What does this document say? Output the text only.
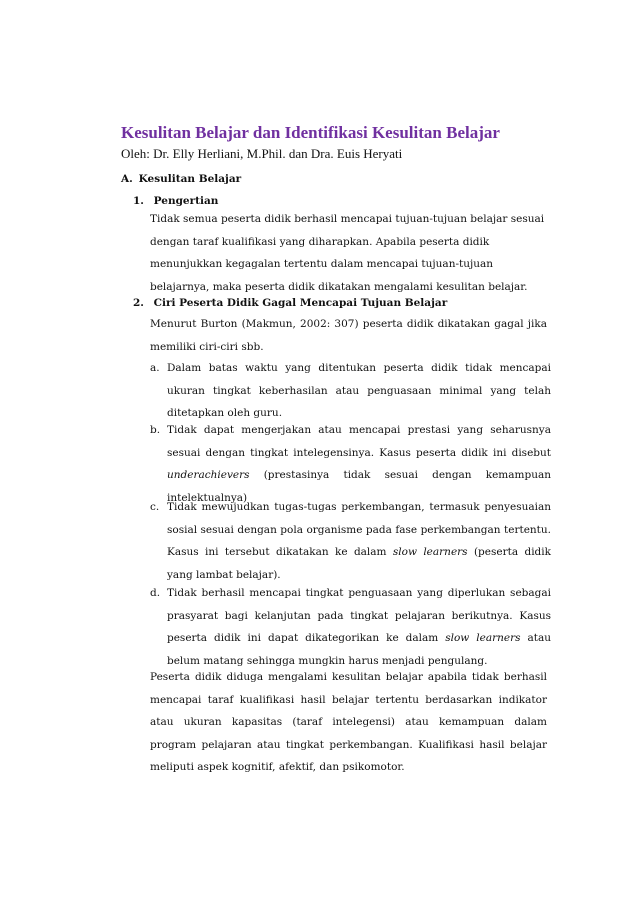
Kesulitan Belajar dan Identifikasi Kesulitan Belajar
Oleh: Dr. Elly Herliani, M.Phil. dan Dra. Euis Heryati
A. Kesulitan Belajar
1. Pengertian
Tidak semua peserta didik berhasil mencapai tujuan-tujuan belajar sesuai dengan taraf kualifikasi yang diharapkan. Apabila peserta didik menunjukkan kegagalan tertentu dalam mencapai tujuan-tujuan belajarnya, maka peserta didik dikatakan mengalami kesulitan belajar.
2. Ciri Peserta Didik Gagal Mencapai Tujuan Belajar
Menurut Burton (Makmun, 2002: 307) peserta didik dikatakan gagal jika memiliki ciri-ciri sbb.
a. Dalam batas waktu yang ditentukan peserta didik tidak mencapai ukuran tingkat keberhasilan atau penguasaan minimal yang telah ditetapkan oleh guru.
b. Tidak dapat mengerjakan atau mencapai prestasi yang seharusnya sesuai dengan tingkat intelegensinya. Kasus peserta didik ini disebut underachievers (prestasinya tidak sesuai dengan kemampuan intelektualnya)
c. Tidak mewujudkan tugas-tugas perkembangan, termasuk penyesuaian sosial sesuai dengan pola organisme pada fase perkembangan tertentu. Kasus ini tersebut dikatakan ke dalam slow learners (peserta didik yang lambat belajar).
d. Tidak berhasil mencapai tingkat penguasaan yang diperlukan sebagai prasyarat bagi kelanjutan pada tingkat pelajaran berikutnya. Kasus peserta didik ini dapat dikategorikan ke dalam slow learners atau belum matang sehingga mungkin harus menjadi pengulang.
Peserta didik diduga mengalami kesulitan belajar apabila tidak berhasil mencapai taraf kualifikasi hasil belajar tertentu berdasarkan indikator atau ukuran kapasitas (taraf intelegensi) atau kemampuan dalam program pelajaran atau tingkat perkembangan. Kualifikasi hasil belajar meliputi aspek kognitif, afektif, dan psikomotor.
